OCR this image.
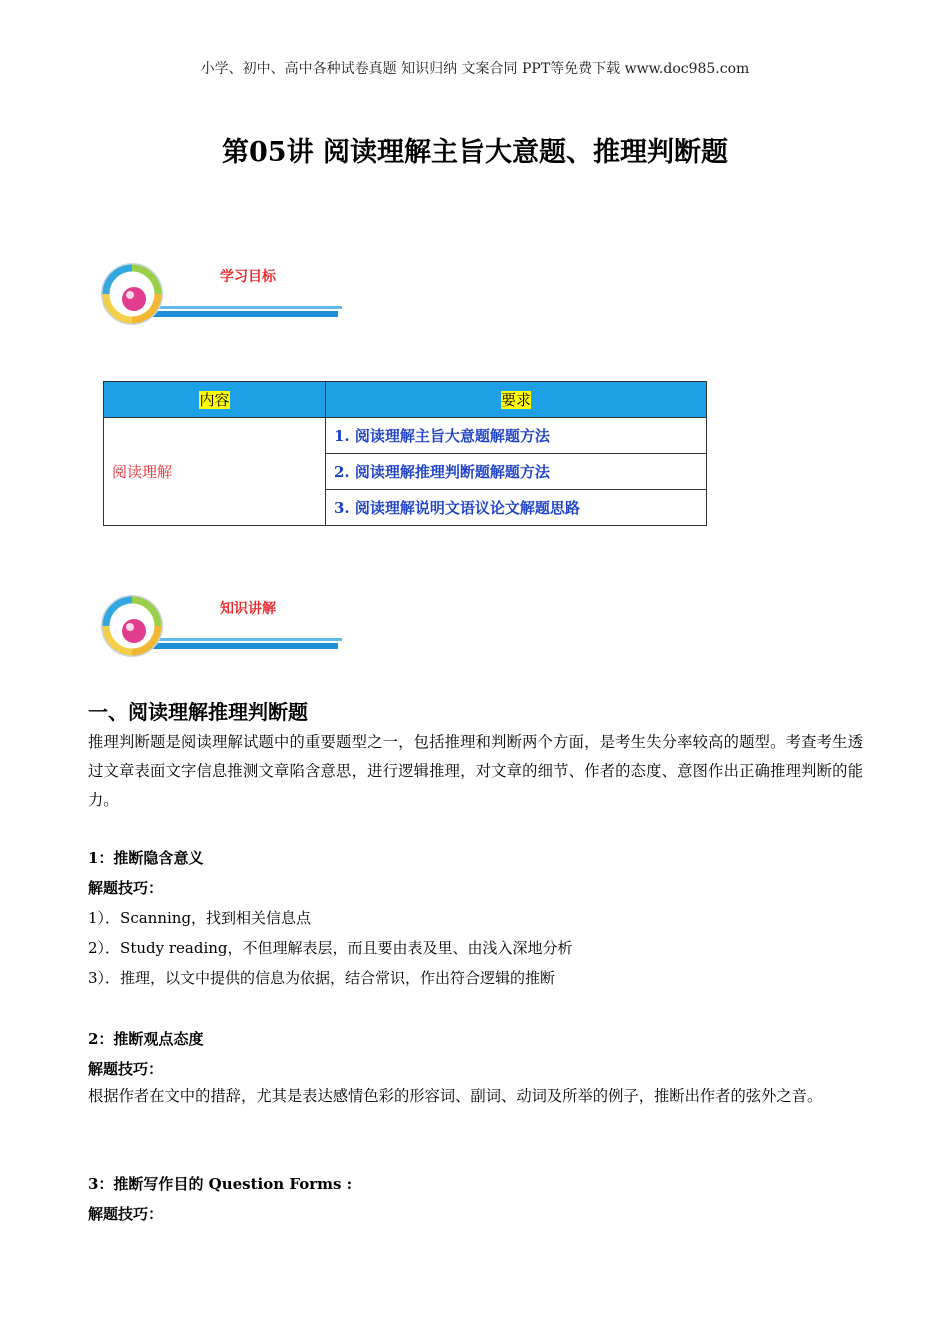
小学、初中、高中各种试卷真题 知识归纳 文案合同 PPT等免费下载 www.doc985.com
第05讲 阅读理解主旨大意题、推理判断题
学习目标
内容	要求
阅读理解	1. 阅读理解主旨大意题解题方法
	2. 阅读理解推理判断题解题方法
	3. 阅读理解说明文语议论文解题思路
知识讲解
一、阅读理解推理判断题
推理判断题是阅读理解试题中的重要题型之一，包括推理和判断两个方面，是考生失分率较高的题型。考查考生透过文章表面文字信息推测文章陷含意思，进行逻辑推理，对文章的细节、作者的态度、意图作出正确推理判断的能力。
1：推断隐含意义
解题技巧：
1）．Scanning，找到相关信息点
2）．Study reading，不但理解表层，而且要由表及里、由浅入深地分析
3）．推理，以文中提供的信息为依据，结合常识，作出符合逻辑的推断
2：推断观点态度
解题技巧：
根据作者在文中的措辞，尤其是表达感情色彩的形容词、副词、动词及所举的例子，推断出作者的弦外之音。
3：推断写作目的 Question Forms :
解题技巧：
